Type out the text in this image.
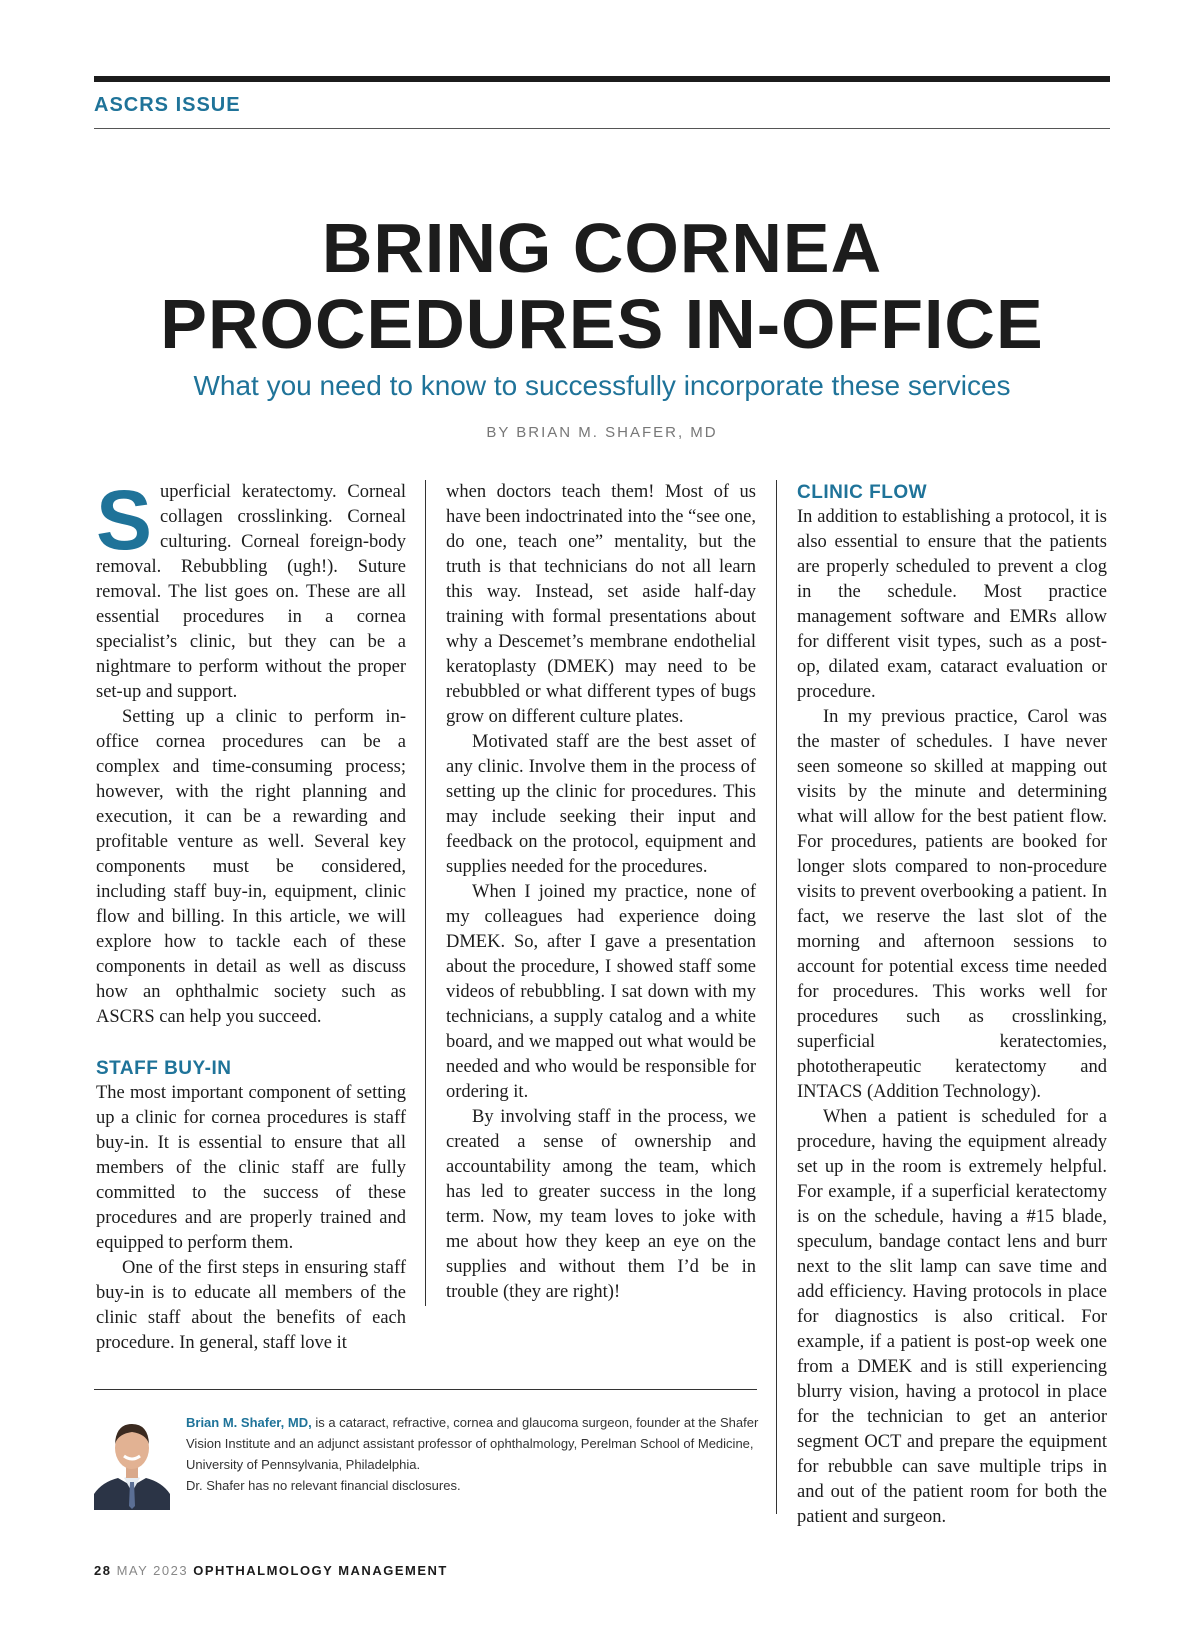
ASCRS ISSUE
BRING CORNEA
PROCEDURES IN-OFFICE
What you need to know to successfully incorporate these services
BY BRIAN M. SHAFER, MD

Superficial keratectomy. Corneal collagen crosslinking. Corneal culturing. Corneal foreign-body removal. Rebubbling (ugh!). Suture removal. The list goes on. These are all essential procedures in a cornea specialist’s clinic, but they can be a nightmare to perform without the proper set-up and support.

Setting up a clinic to perform in-office cornea procedures can be a complex and time-consuming process; however, with the right planning and execution, it can be a rewarding and profitable venture as well. Several key components must be considered, including staff buy-in, equipment, clinic flow and billing. In this article, we will explore how to tackle each of these components in detail as well as discuss how an ophthalmic society such as ASCRS can help you succeed.

STAFF BUY-IN

The most important component of setting up a clinic for cornea procedures is staff buy-in. It is essential to ensure that all members of the clinic staff are fully committed to the success of these procedures and are properly trained and equipped to perform them.

One of the first steps in ensuring staff buy-in is to educate all members of the clinic staff about the benefits of each procedure. In general, staff love it

when doctors teach them! Most of us have been indoctrinated into the “see one, do one, teach one” mentality, but the truth is that technicians do not all learn this way. Instead, set aside half-day training with formal presentations about why a Descemet’s membrane endothelial keratoplasty (DMEK) may need to be rebubbled or what different types of bugs grow on different culture plates.

Motivated staff are the best asset of any clinic. Involve them in the process of setting up the clinic for procedures. This may include seeking their input and feedback on the protocol, equipment and supplies needed for the procedures.

When I joined my practice, none of my colleagues had experience doing DMEK. So, after I gave a presentation about the procedure, I showed staff some videos of rebubbling. I sat down with my technicians, a supply catalog and a white board, and we mapped out what would be needed and who would be responsible for ordering it.

By involving staff in the process, we created a sense of ownership and accountability among the team, which has led to greater success in the long term. Now, my team loves to joke with me about how they keep an eye on the supplies and without them I’d be in trouble (they are right)!

CLINIC FLOW

In addition to establishing a protocol, it is also essential to ensure that the patients are properly scheduled to prevent a clog in the schedule. Most practice management software and EMRs allow for different visit types, such as a post-op, dilated exam, cataract evaluation or procedure.

In my previous practice, Carol was the master of schedules. I have never seen someone so skilled at mapping out visits by the minute and determining what will allow for the best patient flow. For procedures, patients are booked for longer slots compared to non-procedure visits to prevent overbooking a patient. In fact, we reserve the last slot of the morning and afternoon sessions to account for potential excess time needed for procedures. This works well for procedures such as crosslinking, superficial keratectomies, phototherapeutic keratectomy and INTACS (Addition Technology).

When a patient is scheduled for a procedure, having the equipment already set up in the room is extremely helpful. For example, if a superficial keratectomy is on the schedule, having a #15 blade, speculum, bandage contact lens and burr next to the slit lamp can save time and add efficiency. Having protocols in place for diagnostics is also critical. For example, if a patient is post-op week one from a DMEK and is still experiencing blurry vision, having a protocol in place for the technician to get an anterior segment OCT and prepare the equipment for rebubble can save multiple trips in and out of the patient room for both the patient and surgeon.

Brian M. Shafer, MD, is a cataract, refractive, cornea and glaucoma surgeon, founder at the Shafer Vision Institute and an adjunct assistant professor of ophthalmology, Perelman School of Medicine, University of Pennsylvania, Philadelphia.

Dr. Shafer has no relevant financial disclosures.

28 MAY 2023 OPHTHALMOLOGY MANAGEMENT
